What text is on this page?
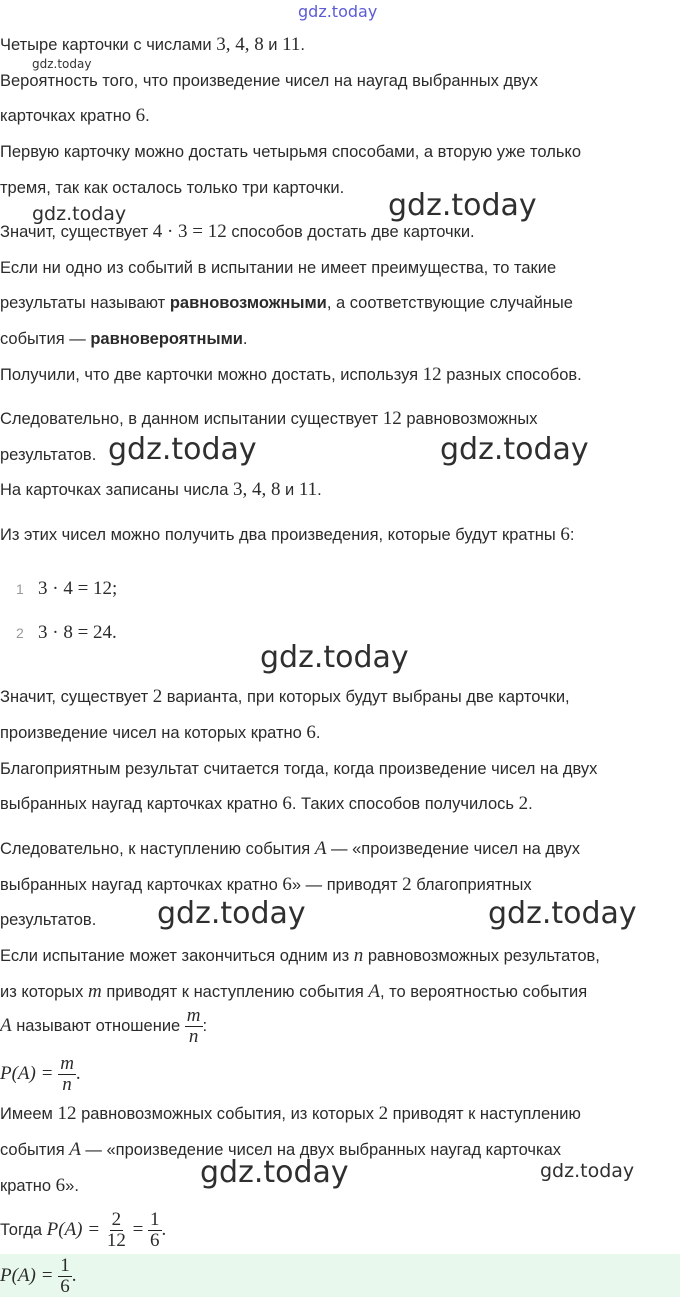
gdz.today
gdz.today
gdz.today	gdz.today
gdz.today	gdz.today
gdz.today
gdz.today	gdz.today
gdz.today	gdz.today
Четыре карточки с числами 3, 4, 8 и 11.
Вероятность того, что произведение чисел на наугад выбранных двух
карточках кратно 6.
Первую карточку можно достать четырьмя способами, а вторую уже только
тремя, так как осталось только три карточки.
Значит, существует 4 · 3 = 12 способов достать две карточки.
Если ни одно из событий в испытании не имеет преимущества, то такие
результаты называют равновозможными, а соответствующие случайные
события — равновероятными.
Получили, что две карточки можно достать, используя 12 разных способов.
Следовательно, в данном испытании существует 12 равновозможных
результатов.
На карточках записаны числа 3, 4, 8 и 11.
Из этих чисел можно получить два произведения, которые будут кратны 6:
1 3 · 4 = 12;
2 3 · 8 = 24.
Значит, существует 2 варианта, при которых будут выбраны две карточки,
произведение чисел на которых кратно 6.
Благоприятным результат считается тогда, когда произведение чисел на двух
выбранных наугад карточках кратно 6. Таких способов получилось 2.
Следовательно, к наступлению события A — «произведение чисел на двух
выбранных наугад карточках кратно 6» — приводят 2 благоприятных
результатов.
Если испытание может закончиться одним из n равновозможных результатов,
из которых m приводят к наступлению события A, то вероятностью события
A называют отношение $\frac{m}{n}$ :
$P(A) = \frac{m}{n}$ .
Имеем 12 равновозможных события, из которых 2 приводят к наступлению
события A — «произведение чисел на двух выбранных наугад карточках
кратно 6».
Тогда $P(A) = \frac{2}{12} = \frac{1}{6}$ .
$P(A) = \frac{1}{6}$ .
